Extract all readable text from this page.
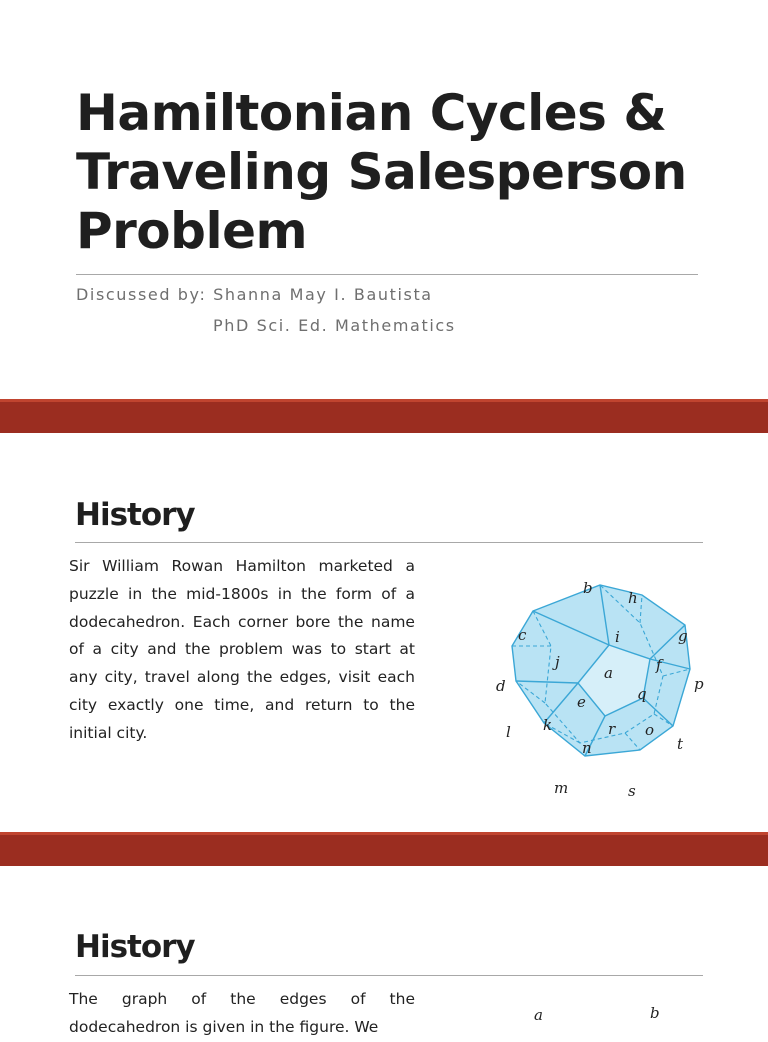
Hamiltonian Cycles &
Traveling Salesperson
Problem
Discussed by: Shanna May I. Bautista
PhD Sci. Ed. Mathematics
History

Sir William Rowan Hamilton marketed a puzzle in the mid-1800s in the form of a dodecahedron. Each corner bore the name of a city and the problem was to start at any city, travel along the edges, visit each city exactly one time, and return to the initial city.

b
h
c	i	g
j	f
a
d	p
q
e
l k	r o
t
n
m	s
History

The graph of the edges of the dodecahedron is given in the figure. We

a	b
